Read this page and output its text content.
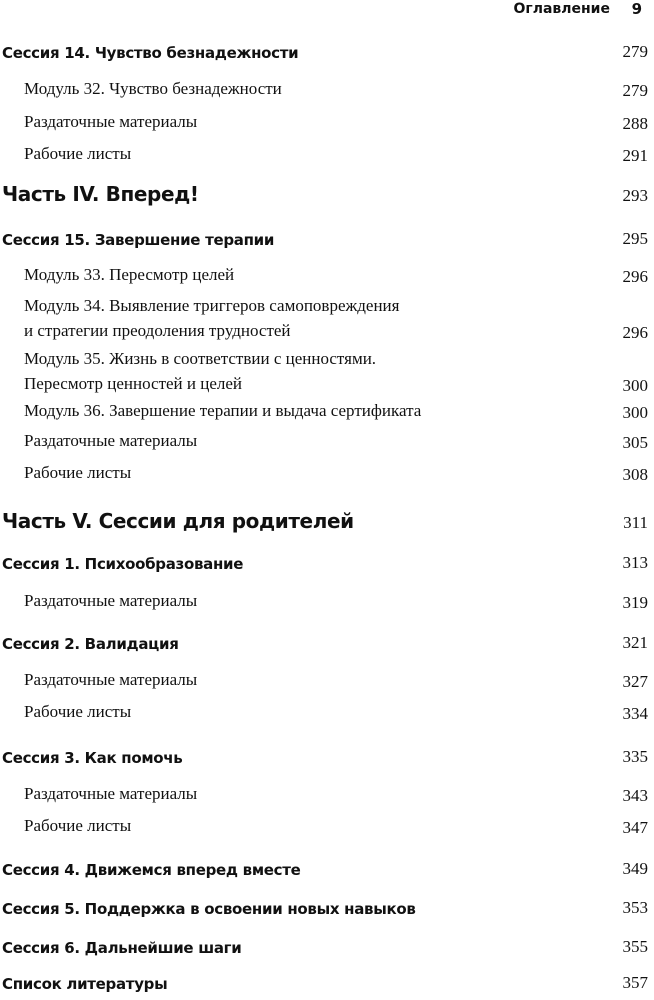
Оглавление 9
Сессия 14. Чувство безнадежности	279
Модуль 32. Чувство безнадежности	279
Раздаточные материалы	288
Рабочие листы	291
Часть IV. Вперед!	293
Сессия 15. Завершение терапии	295
Модуль 33. Пересмотр целей	296
Модуль 34. Выявление триггеров самоповреждения
и стратегии преодоления трудностей	296
Модуль 35. Жизнь в соответствии с ценностями.
Пересмотр ценностей и целей	300
Модуль 36. Завершение терапии и выдача сертификата	300
Раздаточные материалы	305
Рабочие листы	308
Часть V. Сессии для родителей	311
Сессия 1. Психообразование	313
Раздаточные материалы	319
Сессия 2. Валидация	321
Раздаточные материалы	327
Рабочие листы	334
Сессия 3. Как помочь	335
Раздаточные материалы	343
Рабочие листы	347
Сессия 4. Движемся вперед вместе	349
Сессия 5. Поддержка в освоении новых навыков	353
Сессия 6. Дальнейшие шаги	355
Список литературы	357
